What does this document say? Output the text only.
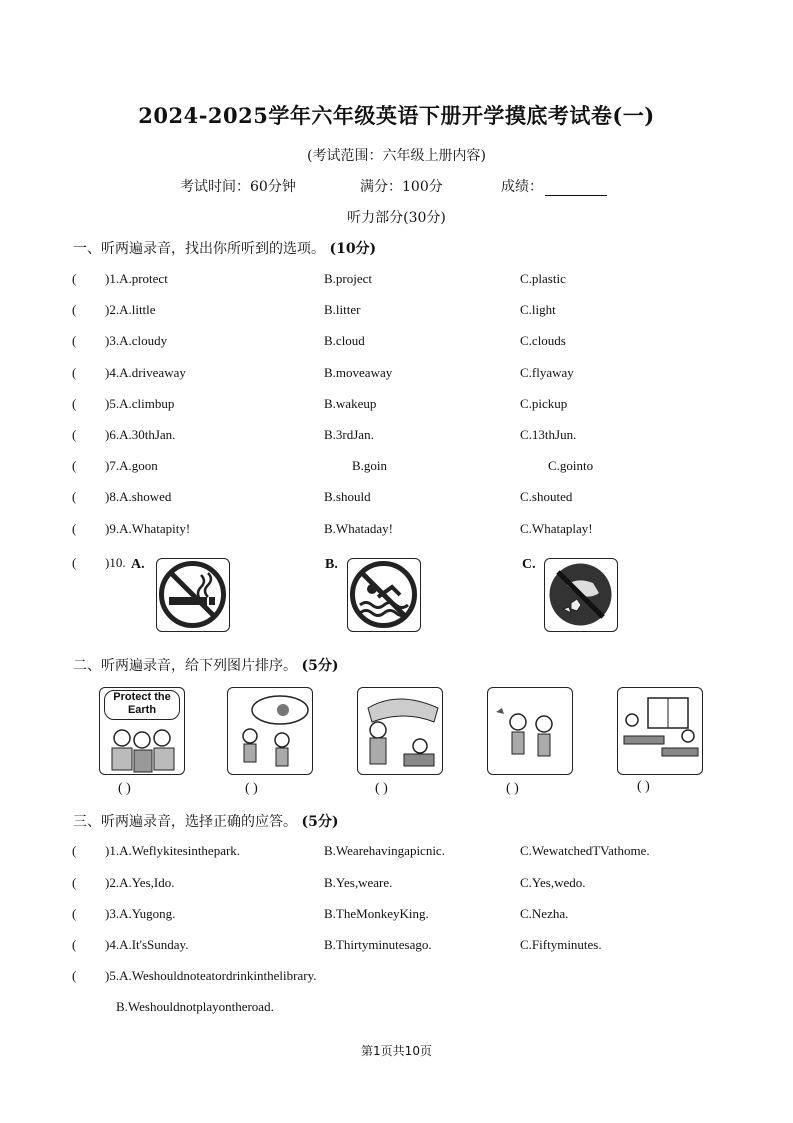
2024-2025学年六年级英语下册开学摸底考试卷(一)
(考试范围：六年级上册内容)
考试时间：60分钟	满分：100分	成绩：
听力部分(30分)
一、听两遍录音，找出你所听到的选项。 (10分)
( )1.A.protect	B.project	C.plastic
( )2.A.little	B.litter	C.light
( )3.A.cloudy	B.cloud	C.clouds
( )4.A.driveaway	B.moveaway	C.flyaway
( )5.A.climbup	B.wakeup	C.pickup
( )6.A.30thJan.	B.3rdJan.	C.13thJun.
( )7.A.goon	B.goin	C.gointo
( )8.A.showed	B.should	C.shouted
( )9.A.Whatapity!	B.Whataday!	C.Whataplay!
( )10. A.	B.	C.
二、听两遍录音，给下列图片排序。 (5分)
Protect the Earth
( )	( )	( )	( )	( )
三、听两遍录音，选择正确的应答。 (5分)
( )1.A.Weflykitesinthepark.	B.Wearehavingapicnic.	C.WewatchedTVathome.
( )2.A.Yes,Ido.	B.Yes,weare.	C.Yes,wedo.
( )3.A.Yugong.	B.TheMonkeyKing.	C.Nezha.
( )4.A.It'sSunday.	B.Thirtyminutesago.	C.Fiftyminutes.
( )5.A.Weshouldnoteatordrinkinthelibrary.
B.Weshouldnotplayontheroad.
第1页共10页
